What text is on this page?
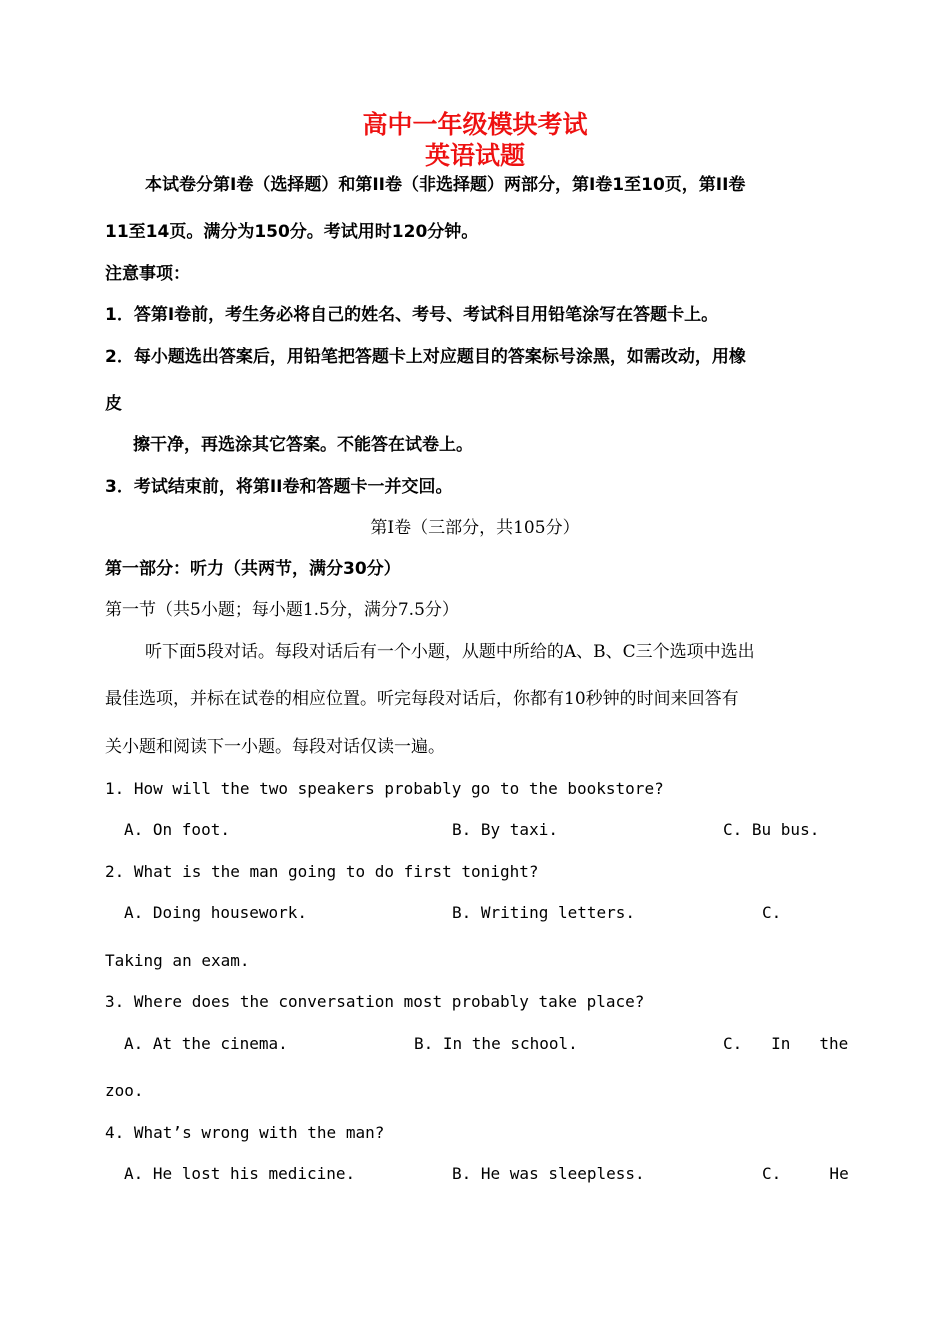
高中一年级模块考试
英语试题
本试卷分第I卷（选择题）和第II卷（非选择题）两部分，第I卷1至10页，第II卷
11至14页。满分为150分。考试用时120分钟。
注意事项：
1．答第I卷前，考生务必将自己的姓名、考号、考试科目用铅笔涂写在答题卡上。
2．每小题选出答案后，用铅笔把答题卡上对应题目的答案标号涂黑，如需改动，用橡
皮
擦干净，再选涂其它答案。不能答在试卷上。
3．考试结束前，将第II卷和答题卡一并交回。
第I卷（三部分，共105分）
第一部分：听力（共两节，满分30分）
第一节（共5小题；每小题1.5分，满分7.5分）
听下面5段对话。每段对话后有一个小题，从题中所给的A、B、C三个选项中选出
最佳选项，并标在试卷的相应位置。听完每段对话后，你都有10秒钟的时间来回答有
关小题和阅读下一小题。每段对话仅读一遍。
1. How will the two speakers probably go to the bookstore?
A. On foot.	B. By taxi.	C. Bu bus.
2. What is the man going to do first tonight?
A. Doing housework.	B. Writing letters.	C.
Taking an exam.
3. Where does the conversation most probably take place?
A. At the cinema.	B. In the school.	C.   In   the
zoo.
4. What’s wrong with the man?
A. He lost his medicine.	B. He was sleepless.	C.     He
